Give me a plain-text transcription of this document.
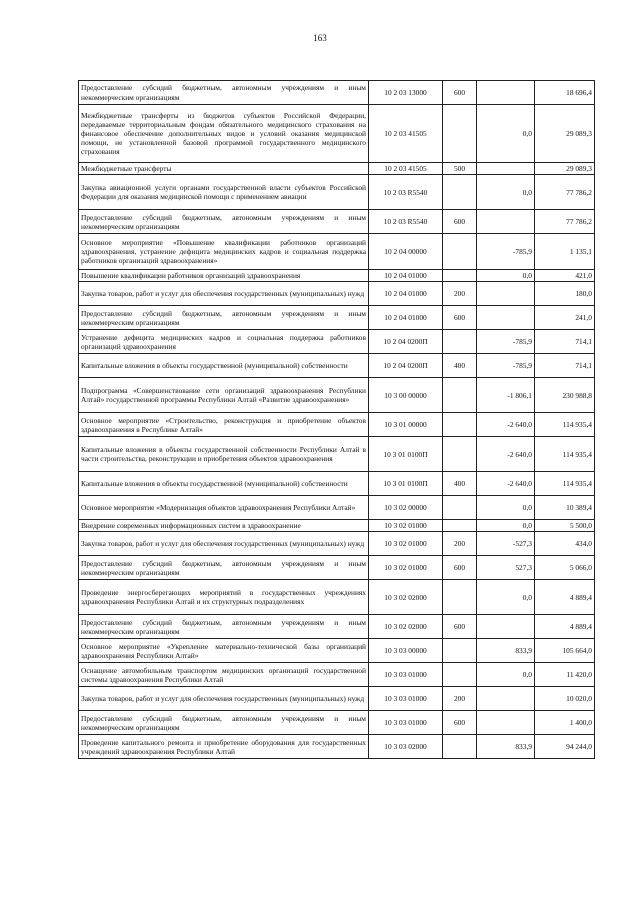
163
Предоставление субсидий бюджетным, автономным учреждениям и иным некоммерческим организациям	10 2 03 13000	600		18 696,4
Межбюджетные трансферты из бюджетов субъектов Российской Федерации, передаваемые территориальным фондам обязательного медицинского страхования на финансовое обеспечение дополнительных видов и условий оказания медицинской помощи, не установленной базовой программой государственного медицинского страхования	10 2 03 41505		0,0	29 089,3
Межбюджетные трансферты	10 2 03 41505	500		29 089,3
Закупка авиационной услуги органами государственной власти субъектов Российской Федерации для оказания медицинской помощи с применением авиации	10 2 03 R5540		0,0	77 786,2
Предоставление субсидий бюджетным, автономным учреждениям и иным некоммерческим организациям	10 2 03 R5540	600		77 786,2
Основное мероприятие «Повышение квалификации работников организаций здравоохранения, устранение дефицита медицинских кадров и социальная поддержка работников организаций здравоохранения»	10 2 04 00000		-785,9	1 135,1
Повышение квалификации работников организаций здравоохранения	10 2 04 01000		0,0	421,0
Закупка товаров, работ и услуг для обеспечения государственных (муниципальных) нужд	10 2 04 01000	200		180,0
Предоставление субсидий бюджетным, автономным учреждениям и иным некоммерческим организациям	10 2 04 01000	600		241,0
Устранение дефицита медицинских кадров и социальная поддержка работников организаций здравоохранения	10 2 04 0200П		-785,9	714,1
Капитальные вложения в объекты государственной (муниципальной) собственности	10 2 04 0200П	400	-785,9	714,1
Подпрограмма «Совершенствование сети организаций здравоохранения Республики Алтай» государственной программы Республики Алтай «Развитие здравоохранения»	10 3 00 00000		-1 806,1	230 988,8
Основное мероприятие «Строительство, реконструкция и приобретение объектов здравоохранения в Республике Алтай»	10 3 01 00000		-2 640,0	114 935,4
Капитальные вложения в объекты государственной собственности Республики Алтай в части строительства, реконструкции и приобретения объектов здравоохранения	10 3 01 0100П		-2 640,0	114 935,4
Капитальные вложения в объекты государственной (муниципальной) собственности	10 3 01 0100П	400	-2 640,0	114 935,4
Основное мероприятие «Модернизация объектов здравоохранения Республики Алтай»	10 3 02 00000		0,0	10 389,4
Внедрение современных информационных систем в здравоохранение	10 3 02 01000		0,0	5 500,0
Закупка товаров, работ и услуг для обеспечения государственных (муниципальных) нужд	10 3 02 01000	200	-527,3	434,0
Предоставление субсидий бюджетным, автономным учреждениям и иным некоммерческим организациям	10 3 02 01000	600	527,3	5 066,0
Проведение энергосберегающих мероприятий в государственных учреждениях здравоохранения Республики Алтай и их структурных подразделениях	10 3 02 02000		0,0	4 889,4
Предоставление субсидий бюджетным, автономным учреждениям и иным некоммерческим организациям	10 3 02 02000	600		4 889,4
Основное мероприятие «Укрепление материально-технической базы организаций здравоохранения Республики Алтай»	10 3 03 00000		833,9	105 664,0
Оснащение автомобильным транспортом медицинских организаций государственной системы здравоохранения Республики Алтай	10 3 03 01000		0,0	11 420,0
Закупка товаров, работ и услуг для обеспечения государственных (муниципальных) нужд	10 3 03 01000	200		10 020,0
Предоставление субсидий бюджетным, автономным учреждениям и иным некоммерческим организациям	10 3 03 01000	600		1 400,0
Проведение капитального ремонта и приобретение оборудования для государственных учреждений здравоохранения Республики Алтай	10 3 03 02000		833,9	94 244,0
